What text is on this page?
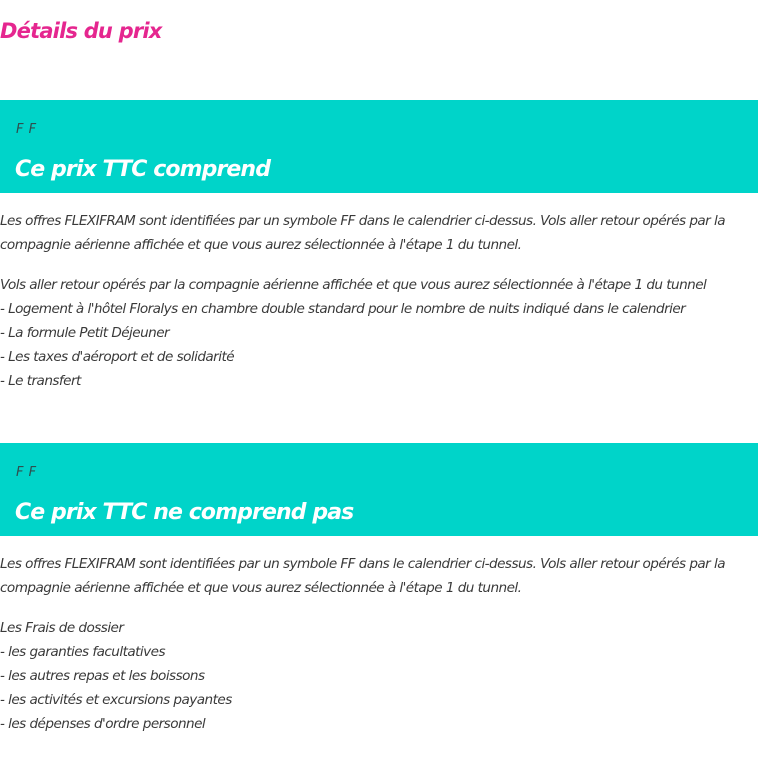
Détails du prix
F F
Ce prix TTC comprend

Les offres FLEXIFRAM sont identifiées par un symbole FF dans le calendrier ci-dessus. Vols aller retour opérés par la
compagnie aérienne affichée et que vous aurez sélectionnée à l'étape 1 du tunnel.

Vols aller retour opérés par la compagnie aérienne affichée et que vous aurez sélectionnée à l'étape 1 du tunnel
- Logement à l'hôtel Floralys en chambre double standard pour le nombre de nuits indiqué dans le calendrier
- La formule Petit Déjeuner
- Les taxes d'aéroport et de solidarité
- Le transfert
F F
Ce prix TTC ne comprend pas

Les offres FLEXIFRAM sont identifiées par un symbole FF dans le calendrier ci-dessus. Vols aller retour opérés par la
compagnie aérienne affichée et que vous aurez sélectionnée à l'étape 1 du tunnel.

Les Frais de dossier
- les garanties facultatives
- les autres repas et les boissons
- les activités et excursions payantes
- les dépenses d'ordre personnel
